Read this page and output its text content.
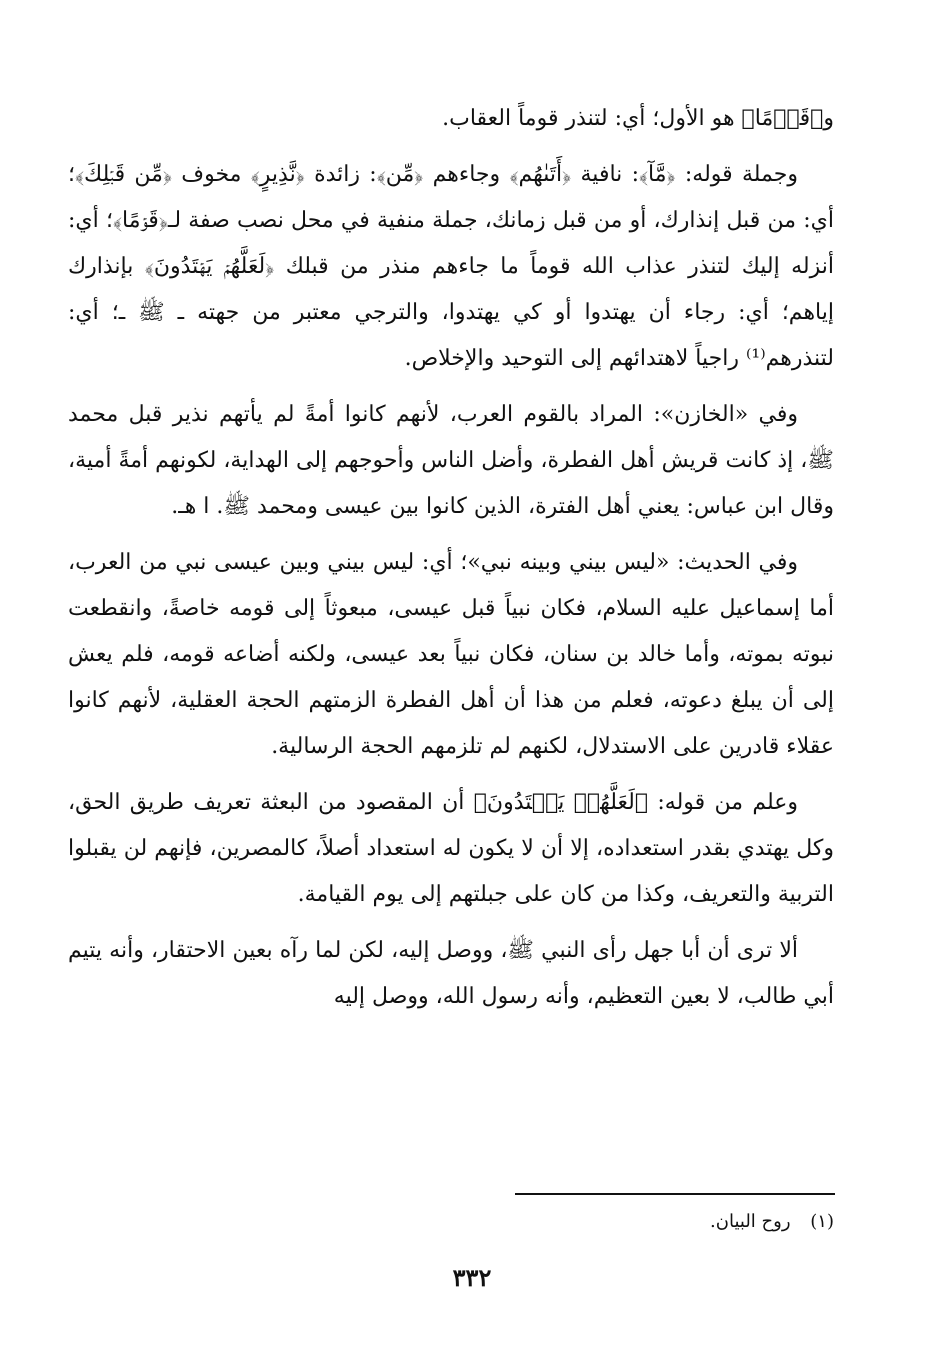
و﴿قَوۡمًا﴾ هو الأول؛ أي: لتنذر قوماً العقاب.

وجملة قوله: ﴿مَّآ﴾: نافية ﴿أَتَىٰهُم﴾ وجاءهم ﴿مِّن﴾: زائدة ﴿نَّذِيرٍ﴾ مخوف ﴿مِّن قَبۡلِكَ﴾؛ أي: من قبل إنذارك، أو من قبل زمانك، جملة منفية في محل نصب صفة لـ﴿قَوۡمًا﴾؛ أي: أنزله إليك لتنذر عذاب الله قوماً ما جاءهم منذر من قبلك ﴿لَعَلَّهُمۡ يَهۡتَدُونَ﴾ بإنذارك إياهم؛ أي: رجاء أن يهتدوا أو كي يهتدوا، والترجي معتبر من جهته ـ ﷺ ـ؛ أي: لتنذرهم⁽¹⁾ راجياً لاهتدائهم إلى التوحيد والإخلاص.

وفي «الخازن»: المراد بالقوم العرب، لأنهم كانوا أمةً لم يأتهم نذير قبل محمد ﷺ، إذ كانت قريش أهل الفطرة، وأضل الناس وأحوجهم إلى الهداية، لكونهم أمةً أمية، وقال ابن عباس: يعني أهل الفترة، الذين كانوا بين عيسى ومحمد ﷺ. ا هـ.

وفي الحديث: «ليس بيني وبينه نبي»؛ أي: ليس بيني وبين عيسى نبي من العرب، أما إسماعيل عليه السلام، فكان نبياً قبل عيسى، مبعوثاً إلى قومه خاصةً، وانقطعت نبوته بموته، وأما خالد بن سنان، فكان نبياً بعد عيسى، ولكنه أضاعه قومه، فلم يعش إلى أن يبلغ دعوته، فعلم من هذا أن أهل الفطرة الزمتهم الحجة العقلية، لأنهم كانوا عقلاء قادرين على الاستدلال، لكنهم لم تلزمهم الحجة الرسالية.

وعلم من قوله: ﴿لَعَلَّهُمۡ يَهۡتَدُونَ﴾ أن المقصود من البعثة تعريف طريق الحق، وكل يهتدي بقدر استعداده، إلا أن لا يكون له استعداد أصلاً، كالمصرين، فإنهم لن يقبلوا التربية والتعريف، وكذا من كان على جبلتهم إلى يوم القيامة.

ألا ترى أن أبا جهل رأى النبي ﷺ، ووصل إليه، لكن لما رآه بعين الاحتقار، وأنه يتيم أبي طالب، لا بعين التعظيم، وأنه رسول الله، ووصل إليه

(١) روح البيان.
٣٣٢
